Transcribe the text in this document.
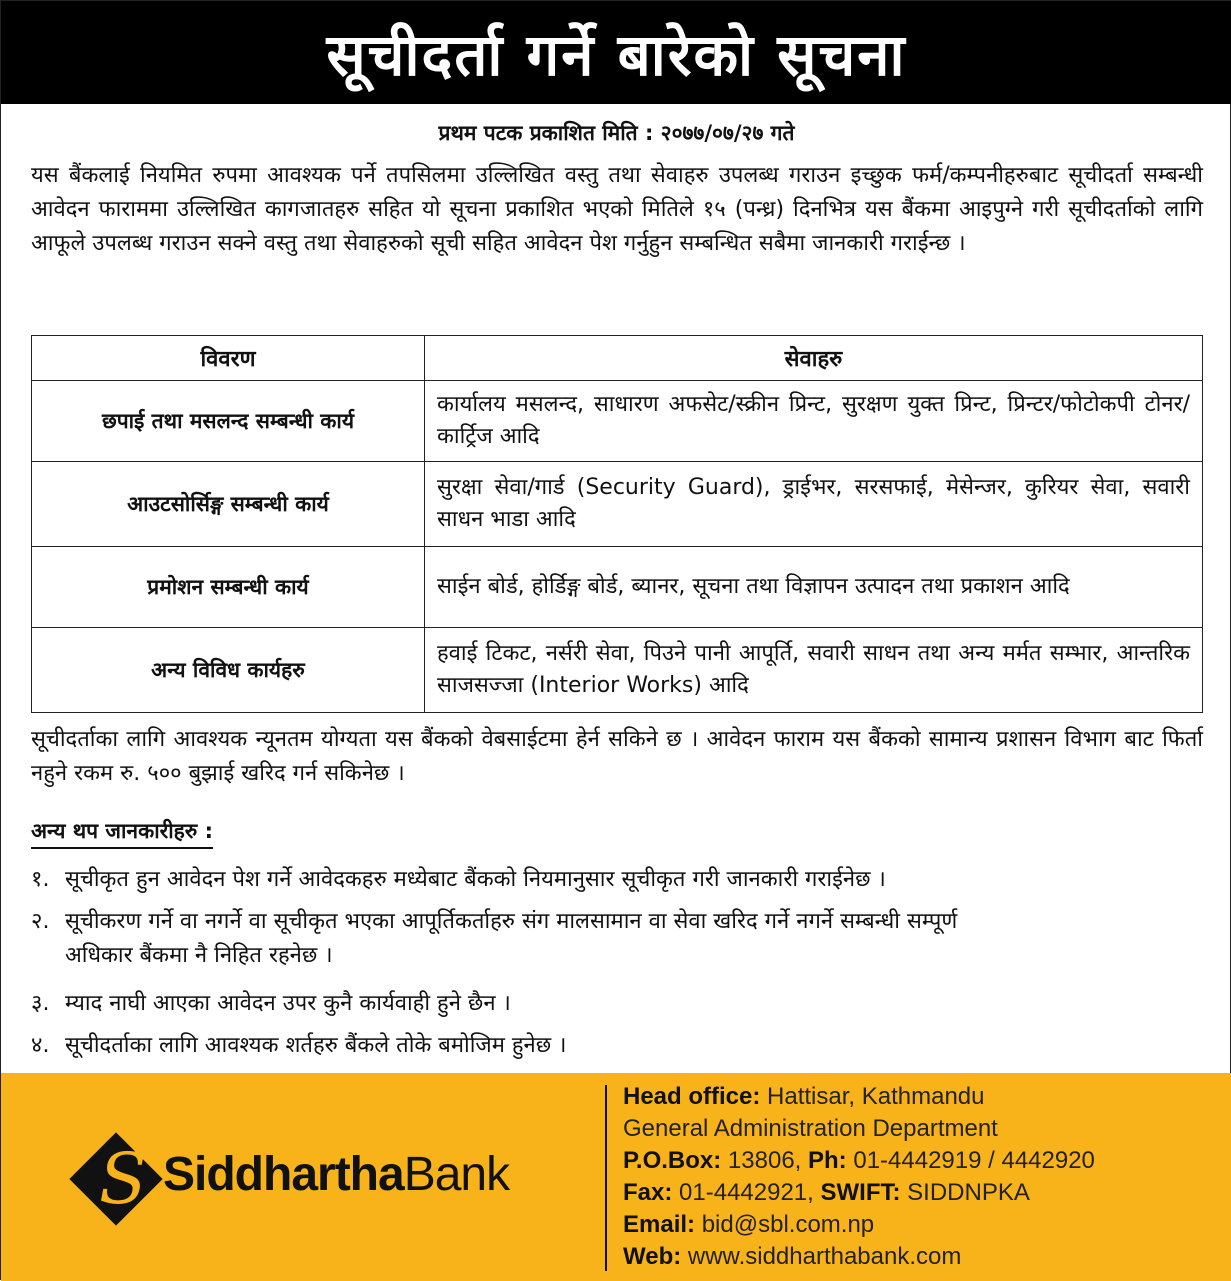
सूचीदर्ता गर्ने बारेको सूचना
प्रथम पटक प्रकाशित मिति : २०७७/०७/२७ गते
यस बैंकलाई नियमित रुपमा आवश्यक पर्ने तपसिलमा उल्लिखित वस्तु तथा सेवाहरु उपलब्ध गराउन इच्छुक फर्म/कम्पनीहरुबाट सूचीदर्ता सम्बन्धी आवेदन फाराममा उल्लिखित कागजातहरु सहित यो सूचना प्रकाशित भएको मितिले १५ (पन्ध्र) दिनभित्र यस बैंकमा आइपुग्ने गरी सूचीदर्ताको लागि आफूले उपलब्ध गराउन सक्ने वस्तु तथा सेवाहरुको सूची सहित आवेदन पेश गर्नुहुन सम्बन्धित सबैमा जानकारी गराईन्छ ।
विवरण	सेवाहरु
छपाई तथा मसलन्द सम्बन्धी कार्य	कार्यालय मसलन्द, साधारण अफसेट/स्क्रीन प्रिन्ट, सुरक्षण युक्त प्रिन्ट, प्रिन्टर/फोटोकपी टोनर/कार्ट्रिज आदि
आउटसोर्सिङ्ग सम्बन्धी कार्य	सुरक्षा सेवा/गार्ड (Security Guard), ड्राईभर, सरसफाई, मेसेन्जर, कुरियर सेवा, सवारी साधन भाडा आदि
प्रमोशन सम्बन्धी कार्य	साईन बोर्ड, होर्डिङ्ग बोर्ड, ब्यानर, सूचना तथा विज्ञापन उत्पादन तथा प्रकाशन आदि
अन्य विविध कार्यहरु	हवाई टिकट, नर्सरी सेवा, पिउने पानी आपूर्ति, सवारी साधन तथा अन्य मर्मत सम्भार, आन्तरिक साजसज्जा (Interior Works) आदि
सूचीदर्ताका लागि आवश्यक न्यूनतम योग्यता यस बैंकको वेबसाईटमा हेर्न सकिने छ । आवेदन फाराम यस बैंकको सामान्य प्रशासन विभाग बाट फिर्ता नहुने रकम रु. ५०० बुझाई खरिद गर्न सकिनेछ ।
अन्य थप जानकारीहरु :
१. सूचीकृत हुन आवेदन पेश गर्ने आवेदकहरु मध्येबाट बैंकको नियमानुसार सूचीकृत गरी जानकारी गराईनेछ ।
२. सूचीकरण गर्ने वा नगर्ने वा सूचीकृत भएका आपूर्तिकर्ताहरु संग मालसामान वा सेवा खरिद गर्ने नगर्ने सम्बन्धी सम्पूर्ण
अधिकार बैंकमा नै निहित रहनेछ ।
३. म्याद नाघी आएका आवेदन उपर कुनै कार्यवाही हुने छैन ।
४. सूचीदर्ताका लागि आवश्यक शर्तहरु बैंकले तोके बमोजिम हुनेछ ।
S SiddharthaBank
Head office: Hattisar, Kathmandu
General Administration Department
P.O.Box: 13806, Ph: 01-4442919 / 4442920
Fax: 01-4442921, SWIFT: SIDDNPKA
Email: bid@sbl.com.np
Web: www.siddharthabank.com
